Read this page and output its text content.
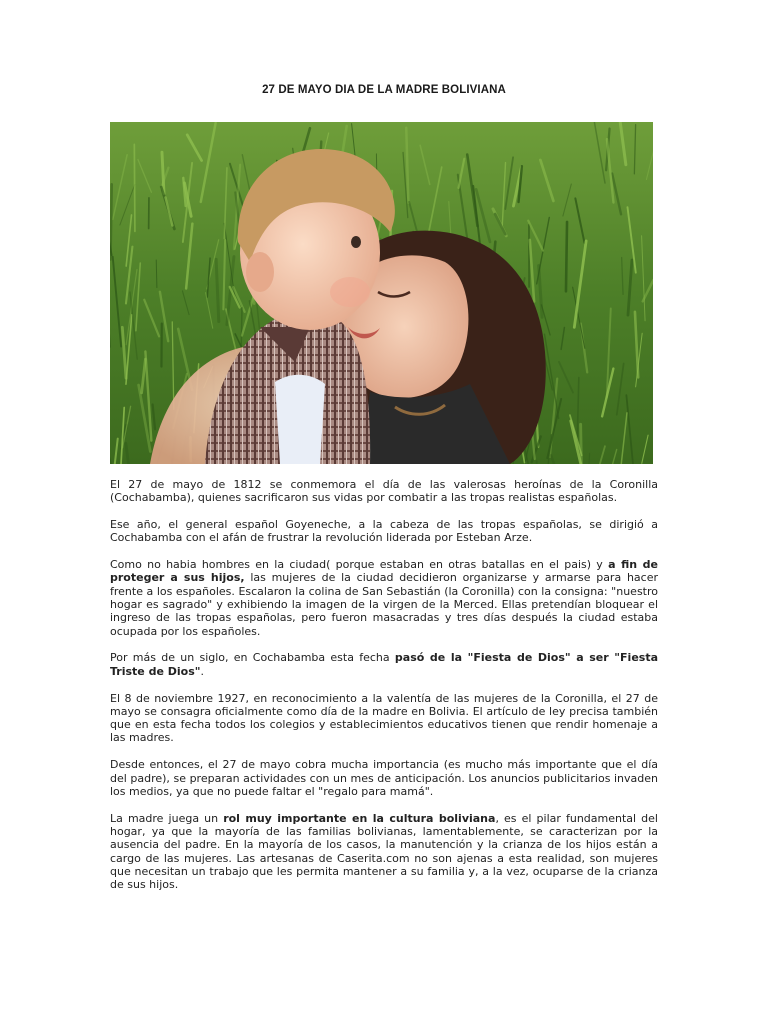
27 DE MAYO DIA DE LA MADRE BOLIVIANA

El 27 de mayo de 1812 se conmemora el día de las valerosas heroínas de la Coronilla (Cochabamba), quienes sacrificaron sus vidas por combatir a las tropas realistas españolas.

Ese año, el general español Goyeneche, a la cabeza de las tropas españolas, se dirigió a Cochabamba con el afán de frustrar la revolución liderada por Esteban Arze.

Como no habia hombres en la ciudad( porque estaban en otras batallas en el pais) y a fin de proteger a sus hijos, las mujeres de la ciudad decidieron organizarse y armarse para hacer frente a los españoles. Escalaron la colina de San Sebastián (la Coronilla) con la consigna: "nuestro hogar es sagrado" y exhibiendo la imagen de la virgen de la Merced. Ellas pretendían bloquear el ingreso de las tropas españolas, pero fueron masacradas y tres días después la ciudad estaba ocupada por los españoles.

Por más de un siglo, en Cochabamba esta fecha pasó de la "Fiesta de Dios" a ser "Fiesta Triste de Dios".

El 8 de noviembre 1927, en reconocimiento a la valentía de las mujeres de la Coronilla, el 27 de mayo se consagra oficialmente como día de la madre en Bolivia. El artículo de ley precisa también que en esta fecha todos los colegios y establecimientos educativos tienen que rendir homenaje a las madres.

Desde entonces, el 27 de mayo cobra mucha importancia (es mucho más importante que el día del padre), se preparan actividades con un mes de anticipación. Los anuncios publicitarios invaden los medios, ya que no puede faltar el "regalo para mamá".

La madre juega un rol muy importante en la cultura boliviana, es el pilar fundamental del hogar, ya que la mayoría de las familias bolivianas, lamentablemente, se caracterizan por la ausencia del padre. En la mayoría de los casos, la manutención y la crianza de los hijos están a cargo de las mujeres. Las artesanas de Caserita.com no son ajenas a esta realidad, son mujeres que necesitan un trabajo que les permita mantener a su familia y, a la vez, ocuparse de la crianza de sus hijos.
